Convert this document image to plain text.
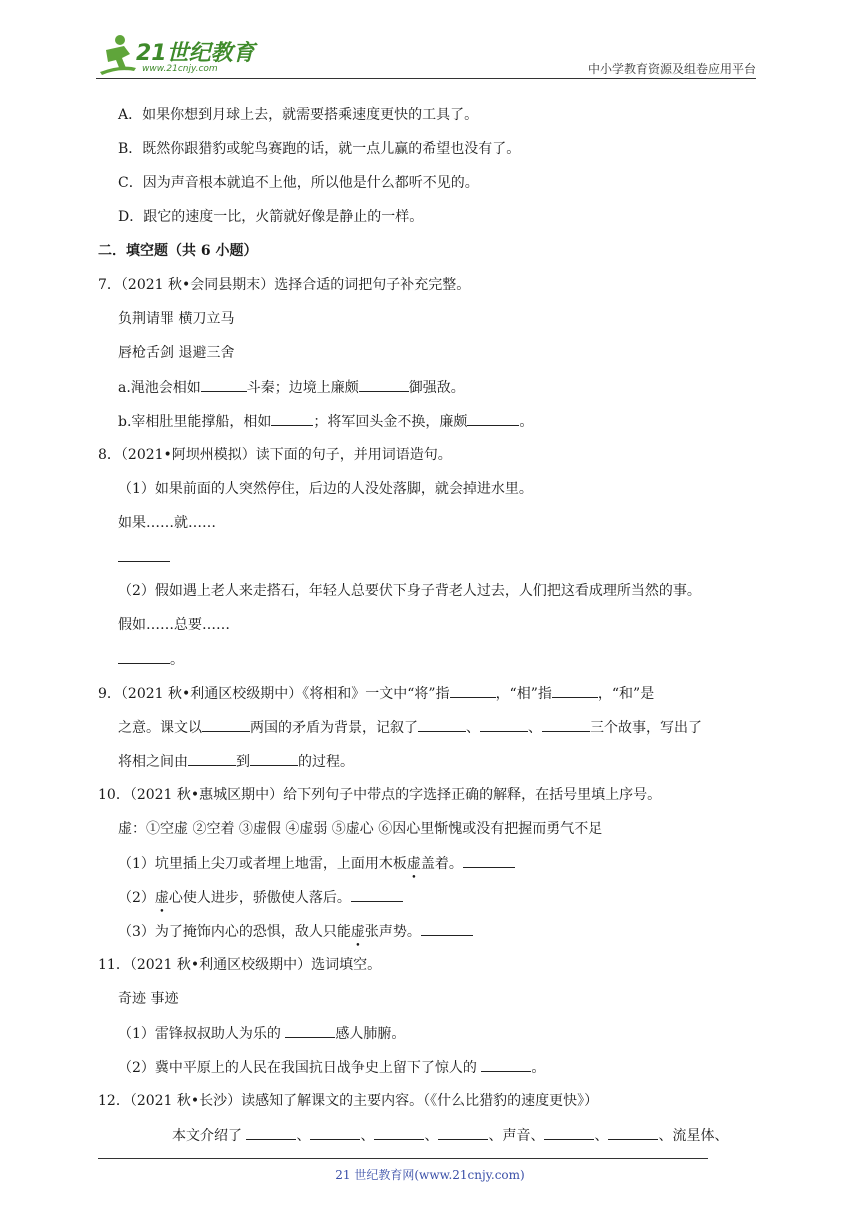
21世纪教育
www.21cnjy.com	中小学教育资源及组卷应用平台
A．如果你想到月球上去，就需要搭乘速度更快的工具了。
B．既然你跟猎豹或鸵鸟赛跑的话，就一点儿赢的希望也没有了。
C．因为声音根本就追不上他，所以他是什么都听不见的。
D．跟它的速度一比，火箭就好像是静止的一样。
二．填空题（共 6 小题）
7．（2021 秋•会同县期末）选择合适的词把句子补充完整。
负荆请罪 横刀立马
唇枪舌剑 退避三舍
a.渑池会相如	斗秦；边境上廉颇	御强敌。
b.宰相肚里能撑船，相如	；将军回头金不换，廉颇	。
8．（2021•阿坝州模拟）读下面的句子，并用词语造句。
（1）如果前面的人突然停住，后边的人没处落脚，就会掉进水里。
如果……就……
（2）假如遇上老人来走搭石，年轻人总要伏下身子背老人过去，人们把这看成理所当然的事。
假如……总要……
。
9．（2021 秋•利通区校级期中）《将相和》一文中“将”指	，“相”指	，“和”是
之意。课文以	两国的矛盾为背景，记叙了	、	、	三个故事，写出了
将相之间由	到	的过程。
10．（2021 秋•惠城区期中）给下列句子中带点的字选择正确的解释，在括号里填上序号。
虚：①空虚 ②空着 ③虚假 ④虚弱 ⑤虚心 ⑥因心里惭愧或没有把握而勇气不足
（1）坑里插上尖刀或者埋上地雷，上面用木板虚盖着。
（2）虚心使人进步，骄傲使人落后。
（3）为了掩饰内心的恐惧，敌人只能虚张声势。
11．（2021 秋•利通区校级期中）选词填空。
奇迹 事迹
（1）雷锋叔叔助人为乐的	感人肺腑。
（2）冀中平原上的人民在我国抗日战争史上留下了惊人的	。
12．（2021 秋•长沙）读感知了解课文的主要内容。（《什么比猎豹的速度更快》）
本文介绍了	、	、	、	、声音、	、	、流星体、
21 世纪教育网(www.21cnjy.com)
